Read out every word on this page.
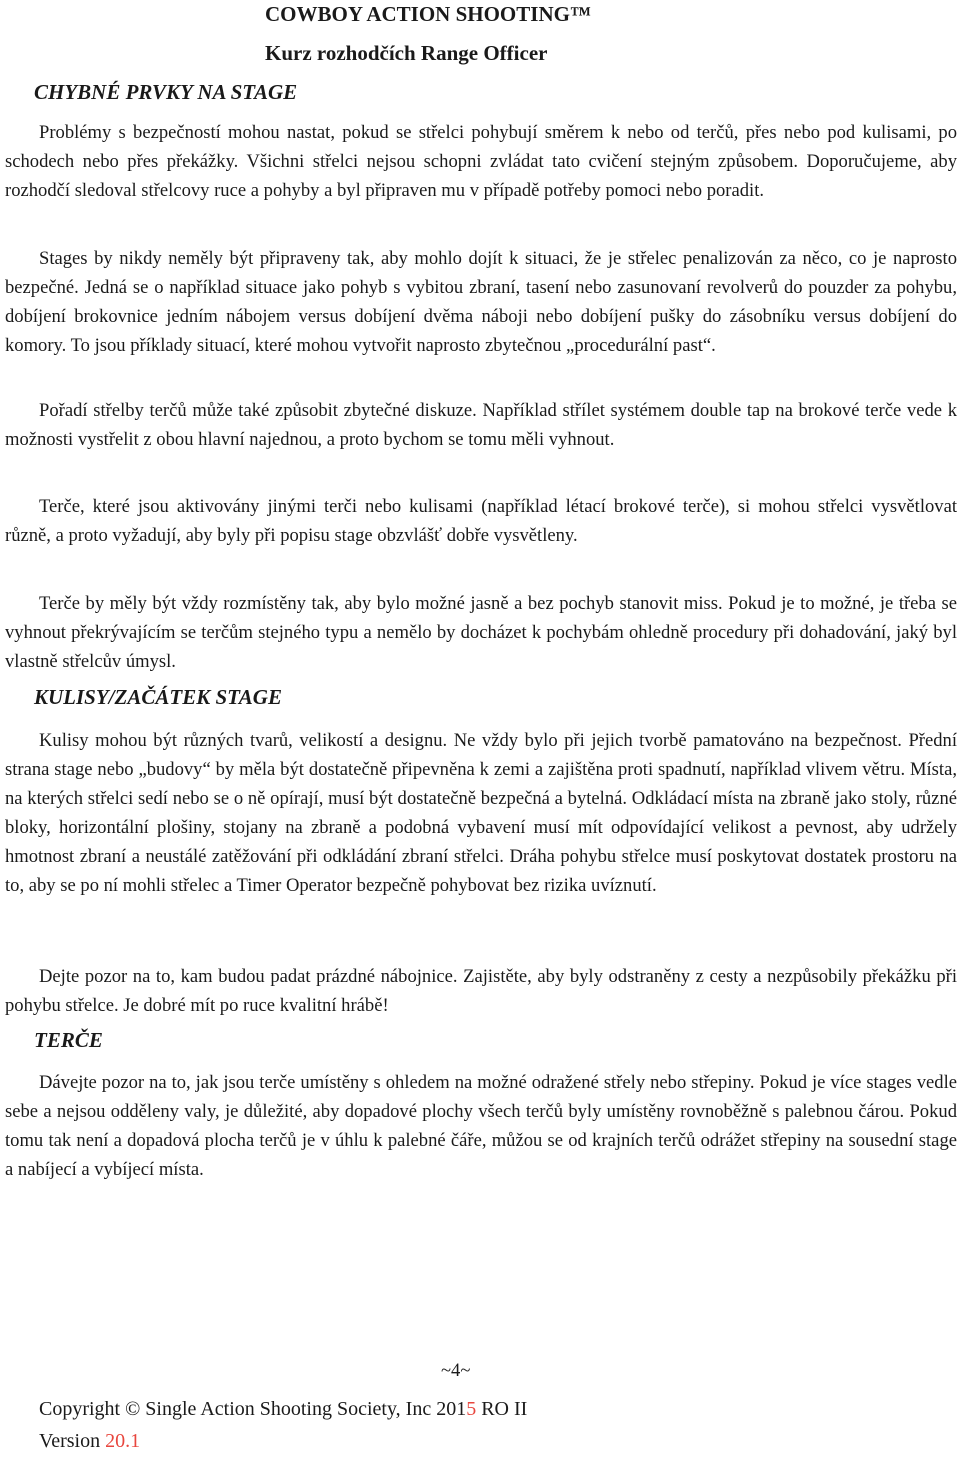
COWBOY ACTION SHOOTING™
Kurz rozhodčích Range Officer
CHYBNÉ PRVKY NA STAGE

Problémy s bezpečností mohou nastat, pokud se střelci pohybují směrem k nebo od terčů, přes nebo pod kulisami, po schodech nebo přes překážky. Všichni střelci nejsou schopni zvládat tato cvičení stejným způsobem. Doporučujeme, aby rozhodčí sledoval střelcovy ruce a pohyby a byl připraven mu v případě potřeby pomoci nebo poradit.

Stages by nikdy neměly být připraveny tak, aby mohlo dojít k situaci, že je střelec penalizován za něco, co je naprosto bezpečné. Jedná se o například situace jako pohyb s vybitou zbraní, tasení nebo zasunovaní revolverů do pouzder za pohybu, dobíjení brokovnice jedním nábojem versus dobíjení dvěma náboji nebo dobíjení pušky do zásobníku versus dobíjení do komory. To jsou příklady situací, které mohou vytvořit naprosto zbytečnou „procedurální past“.

Pořadí střelby terčů může také způsobit zbytečné diskuze. Například střílet systémem double tap na brokové terče vede k možnosti vystřelit z obou hlavní najednou, a proto bychom se tomu měli vyhnout.

Terče, které jsou aktivovány jinými terči nebo kulisami (například létací brokové terče), si mohou střelci vysvětlovat různě, a proto vyžadují, aby byly při popisu stage obzvlášť dobře vysvětleny.

Terče by měly být vždy rozmístěny tak, aby bylo možné jasně a bez pochyb stanovit miss. Pokud je to možné, je třeba se vyhnout překrývajícím se terčům stejného typu a nemělo by docházet k pochybám ohledně procedury při dohadování, jaký byl vlastně střelcův úmysl.

KULISY/ZAČÁTEK STAGE

Kulisy mohou být různých tvarů, velikostí a designu. Ne vždy bylo při jejich tvorbě pamatováno na bezpečnost. Přední strana stage nebo „budovy“ by měla být dostatečně připevněna k zemi a zajištěna proti spadnutí, například vlivem větru. Místa, na kterých střelci sedí nebo se o ně opírají, musí být dostatečně bezpečná a bytelná. Odkládací místa na zbraně jako stoly, různé bloky, horizontální plošiny, stojany na zbraně a podobná vybavení musí mít odpovídající velikost a pevnost, aby udržely hmotnost zbraní a neustálé zatěžování při odkládání zbraní střelci. Dráha pohybu střelce musí poskytovat dostatek prostoru na to, aby se po ní mohli střelec a Timer Operator bezpečně pohybovat bez rizika uvíznutí.

Dejte pozor na to, kam budou padat prázdné nábojnice. Zajistěte, aby byly odstraněny z cesty a nezpůsobily překážku při pohybu střelce. Je dobré mít po ruce kvalitní hrábě!

TERČE

Dávejte pozor na to, jak jsou terče umístěny s ohledem na možné odražené střely nebo střepiny. Pokud je více stages vedle sebe a nejsou odděleny valy, je důležité, aby dopadové plochy všech terčů byly umístěny rovnoběžně s palebnou čárou. Pokud tomu tak není a dopadová plocha terčů je v úhlu k palebné čáře, můžou se od krajních terčů odrážet střepiny na sousední stage a nabíjecí a vybíjecí místa.

~4~
Copyright © Single Action Shooting Society, Inc 2015 RO II
Version 20.1
